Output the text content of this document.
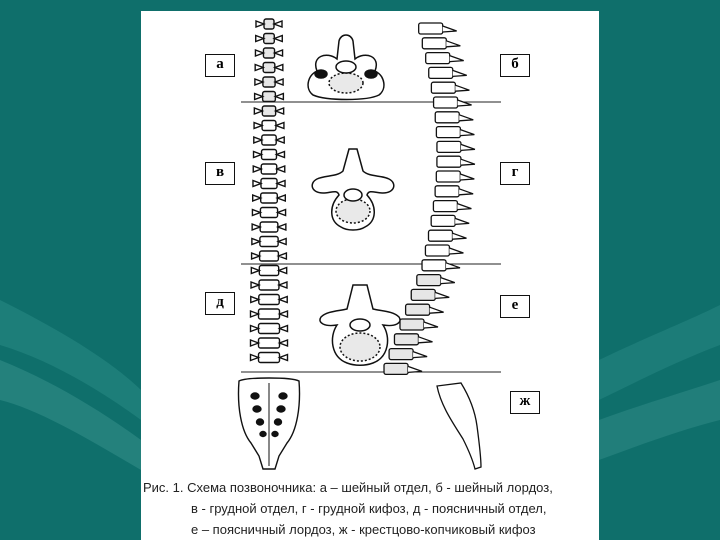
а	б
в	г
д	е
ж
Рис. 1. Схема позвоночника: а – шейный отдел, б - шейный лордоз,
в - грудной отдел, г - грудной кифоз, д - поясничный отдел,
е – поясничный лордоз, ж - крестцово-копчиковый кифоз
